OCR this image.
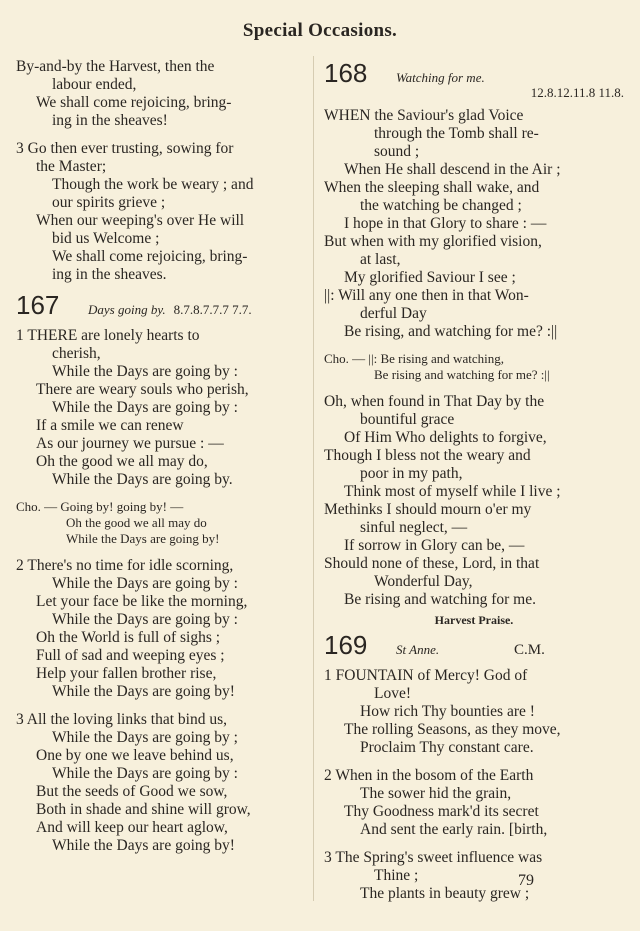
Special Occasions.
By-and-by the Harvest, then the
labour ended,
We shall come rejoicing, bring-
ing in the sheaves!
3 Go then ever trusting, sowing for
the Master;
Though the work be weary ; and
our spirits grieve ;
When our weeping's over He will
bid us Welcome ;
We shall come rejoicing, bring-
ing in the sheaves.
167	Days going by. 8.7.8.7.7.7 7.7.
1 THERE are lonely hearts to
cherish,
While the Days are going by :
There are weary souls who perish,
While the Days are going by :
If a smile we can renew
As our journey we pursue : —
Oh the good we all may do,
While the Days are going by.
Cho. — Going by! going by! —
Oh the good we all may do
While the Days are going by!
2 There's no time for idle scorning,
While the Days are going by :
Let your face be like the morning,
While the Days are going by :
Oh the World is full of sighs ;
Full of sad and weeping eyes ;
Help your fallen brother rise,
While the Days are going by!
3 All the loving links that bind us,
While the Days are going by ;
One by one we leave behind us,
While the Days are going by :
But the seeds of Good we sow,
Both in shade and shine will grow,
And will keep our heart aglow,
While the Days are going by!
168	Watching for me.
12.8.12.11.8 11.8.
WHEN the Saviour's glad Voice
through the Tomb shall re-
sound ;
When He shall descend in the Air ;
When the sleeping shall wake, and
the watching be changed ;
I hope in that Glory to share : —
But when with my glorified vision,
at last,
My glorified Saviour I see ;
||: Will any one then in that Won-
derful Day
Be rising, and watching for me? :||
Cho. — ||: Be rising and watching,
Be rising and watching for me? :||
Oh, when found in That Day by the
bountiful grace
Of Him Who delights to forgive,
Though I bless not the weary and
poor in my path,
Think most of myself while I live ;
Methinks I should mourn o'er my
sinful neglect, —
If sorrow in Glory can be, —
Should none of these, Lord, in that
Wonderful Day,
Be rising and watching for me.
Harvest Praise.
169	St Anne.	C.M.
1 FOUNTAIN of Mercy! God of
Love!
How rich Thy bounties are !
The rolling Seasons, as they move,
Proclaim Thy constant care.
2 When in the bosom of the Earth
The sower hid the grain,
Thy Goodness mark'd its secret
And sent the early rain. [birth,
3 The Spring's sweet influence was
Thine ;
The plants in beauty grew ;
79
